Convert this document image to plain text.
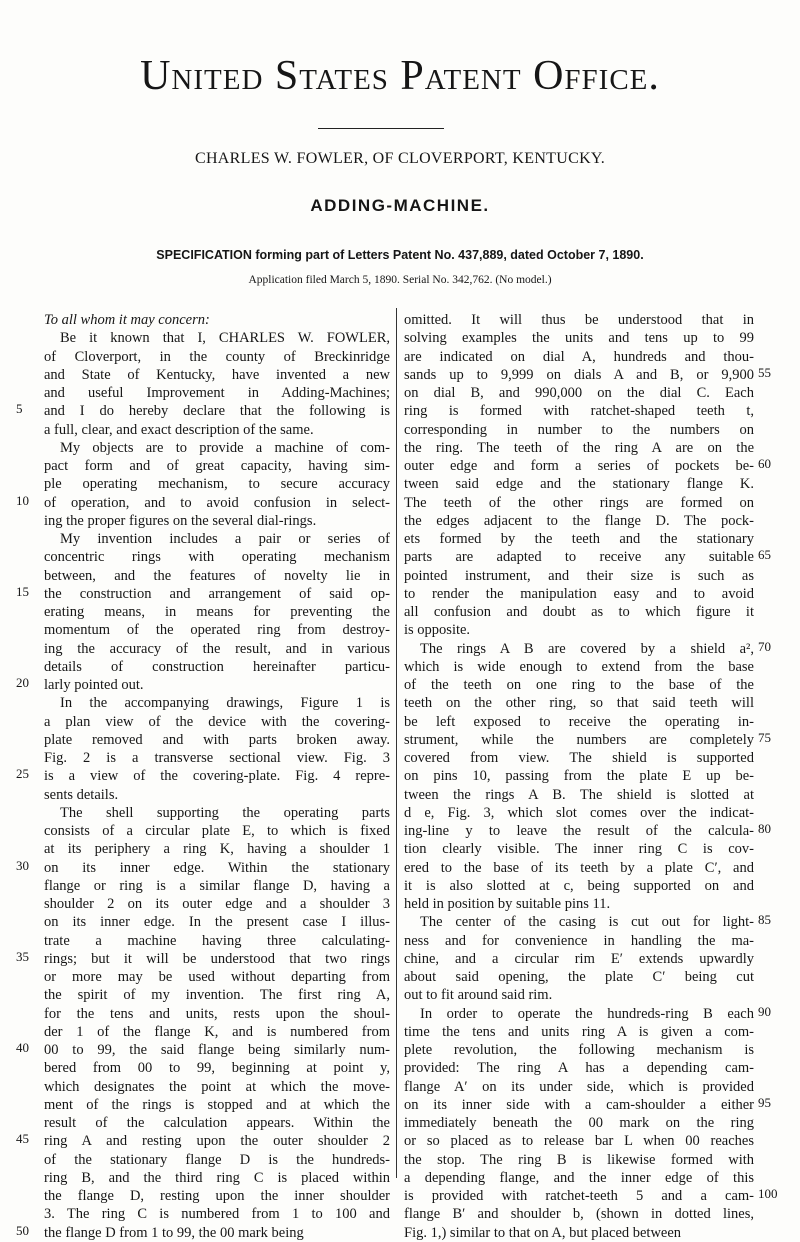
United States Patent Office.
CHARLES W. FOWLER, OF CLOVERPORT, KENTUCKY.
ADDING-MACHINE.
SPECIFICATION forming part of Letters Patent No. 437,889, dated October 7, 1890.
Application filed March 5, 1890. Serial No. 342,762. (No model.)
To all whom it may concern:
Be it known that I, CHARLES W. FOWLER,
of Cloverport, in the county of Breckinridge
and State of Kentucky, have invented a new
and useful Improvement in Adding-Machines;
and I do hereby declare that the following is
a full, clear, and exact description of the same.
My objects are to provide a machine of com-
pact form and of great capacity, having sim-
ple operating mechanism, to secure accuracy
of operation, and to avoid confusion in select-
ing the proper figures on the several dial-rings.
My invention includes a pair or series of
concentric rings with operating mechanism
between, and the features of novelty lie in
the construction and arrangement of said op-
erating means, in means for preventing the
momentum of the operated ring from destroy-
ing the accuracy of the result, and in various
details of construction hereinafter particu-
larly pointed out.
In the accompanying drawings, Figure 1 is
a plan view of the device with the covering-
plate removed and with parts broken away.
Fig. 2 is a transverse sectional view. Fig. 3
is a view of the covering-plate. Fig. 4 repre-
sents details.
The shell supporting the operating parts
consists of a circular plate E, to which is fixed
at its periphery a ring K, having a shoulder 1
on its inner edge. Within the stationary
flange or ring is a similar flange D, having a
shoulder 2 on its outer edge and a shoulder 3
on its inner edge. In the present case I illus-
trate a machine having three calculating-
rings; but it will be understood that two rings
or more may be used without departing from
the spirit of my invention. The first ring A,
for the tens and units, rests upon the shoul-
der 1 of the flange K, and is numbered from
00 to 99, the said flange being similarly num-
bered from 00 to 99, beginning at point y,
which designates the point at which the move-
ment of the rings is stopped and at which the
result of the calculation appears. Within the
ring A and resting upon the outer shoulder 2
of the stationary flange D is the hundreds-
ring B, and the third ring C is placed within
the flange D, resting upon the inner shoulder
3. The ring C is numbered from 1 to 100 and
the flange D from 1 to 99, the 00 mark being
omitted. It will thus be understood that in
solving examples the units and tens up to 99
are indicated on dial A, hundreds and thou-
sands up to 9,999 on dials A and B, or 9,900
on dial B, and 990,000 on the dial C. Each
ring is formed with ratchet-shaped teeth t,
corresponding in number to the numbers on
the ring. The teeth of the ring A are on the
outer edge and form a series of pockets be-
tween said edge and the stationary flange K.
The teeth of the other rings are formed on
the edges adjacent to the flange D. The pock-
ets formed by the teeth and the stationary
parts are adapted to receive any suitable
pointed instrument, and their size is such as
to render the manipulation easy and to avoid
all confusion and doubt as to which figure it
is opposite.
The rings A B are covered by a shield a²,
which is wide enough to extend from the base
of the teeth on one ring to the base of the
teeth on the other ring, so that said teeth will
be left exposed to receive the operating in-
strument, while the numbers are completely
covered from view. The shield is supported
on pins 10, passing from the plate E up be-
tween the rings A B. The shield is slotted at
d e, Fig. 3, which slot comes over the indicat-
ing-line y to leave the result of the calcula-
tion clearly visible. The inner ring C is cov-
ered to the base of its teeth by a plate C′, and
it is also slotted at c, being supported on and
held in position by suitable pins 11.
The center of the casing is cut out for light-
ness and for convenience in handling the ma-
chine, and a circular rim E′ extends upwardly
about said opening, the plate C′ being cut
out to fit around said rim.
In order to operate the hundreds-ring B each
time the tens and units ring A is given a com-
plete revolution, the following mechanism is
provided: The ring A has a depending cam-
flange A′ on its under side, which is provided
on its inner side with a cam-shoulder a either
immediately beneath the 00 mark on the ring
or so placed as to release bar L when 00 reaches
the stop. The ring B is likewise formed with
a depending flange, and the inner edge of this
is provided with ratchet-teeth 5 and a cam-
flange B′ and shoulder b, (shown in dotted lines,
Fig. 1,) similar to that on A, but placed between
5
10
15
20
25
30
35
40
45
50
55
60
65
70
75
80
85
90
95
100
